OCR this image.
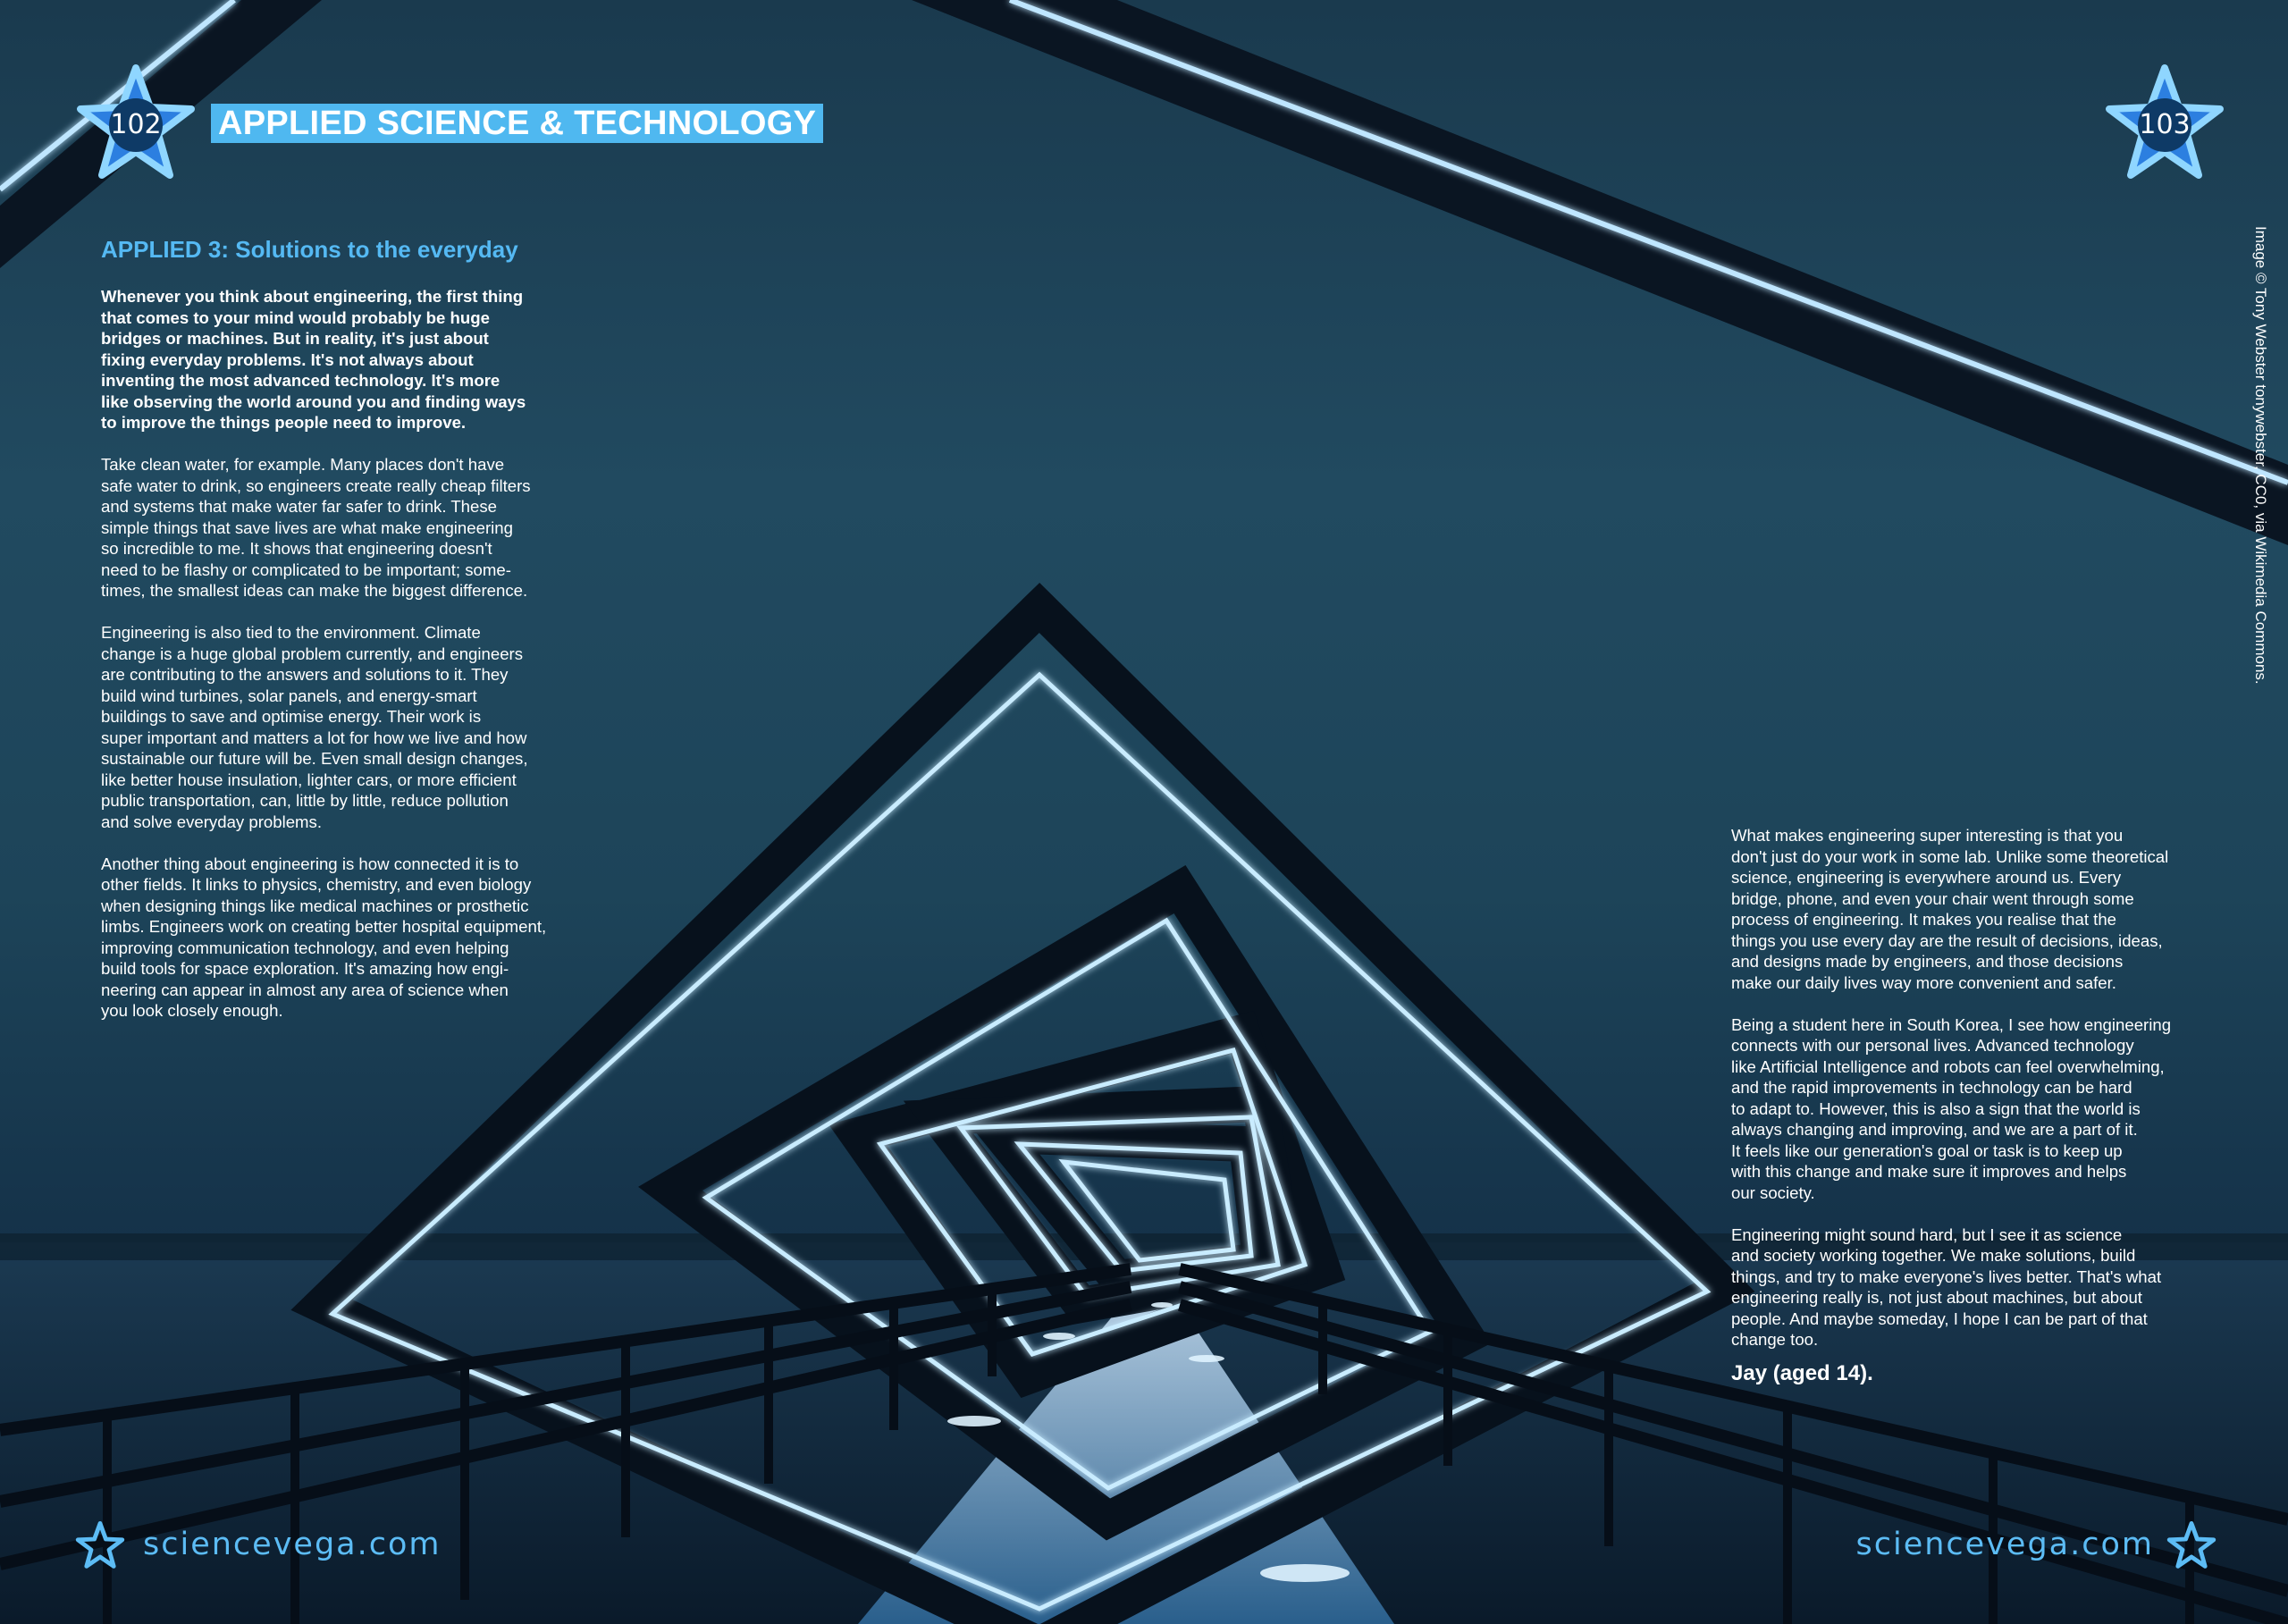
102	103
APPLIED SCIENCE & TECHNOLOGY
APPLIED 3: Solutions to the everyday

Whenever you think about engineering, the first thing
that comes to your mind would probably be huge
bridges or machines. But in reality, it's just about
fixing everyday problems. It's not always about
inventing the most advanced technology. It's more
like observing the world around you and finding ways
to improve the things people need to improve.

Take clean water, for example. Many places don't have
safe water to drink, so engineers create really cheap filters
and systems that make water far safer to drink. These
simple things that save lives are what make engineering
so incredible to me. It shows that engineering doesn't
need to be flashy or complicated to be important; some-
times, the smallest ideas can make the biggest difference.

Engineering is also tied to the environment. Climate
change is a huge global problem currently, and engineers
are contributing to the answers and solutions to it. They
build wind turbines, solar panels, and energy-smart
buildings to save and optimise energy. Their work is
super important and matters a lot for how we live and how
sustainable our future will be. Even small design changes,
like better house insulation, lighter cars, or more efficient
public transportation, can, little by little, reduce pollution
and solve everyday problems.

Another thing about engineering is how connected it is to
other fields. It links to physics, chemistry, and even biology
when designing things like medical machines or prosthetic
limbs. Engineers work on creating better hospital equipment,
improving communication technology, and even helping
build tools for space exploration. It's amazing how engi-
neering can appear in almost any area of science when
you look closely enough.

What makes engineering super interesting is that you
don't just do your work in some lab. Unlike some theoretical
science, engineering is everywhere around us. Every
bridge, phone, and even your chair went through some
process of engineering. It makes you realise that the
things you use every day are the result of decisions, ideas,
and designs made by engineers, and those decisions
make our daily lives way more convenient and safer.

Being a student here in South Korea, I see how engineering
connects with our personal lives. Advanced technology
like Artificial Intelligence and robots can feel overwhelming,
and the rapid improvements in technology can be hard
to adapt to. However, this is also a sign that the world is
always changing and improving, and we are a part of it.
It feels like our generation's goal or task is to keep up
with this change and make sure it improves and helps
our society.

Engineering might sound hard, but I see it as science
and society working together. We make solutions, build
things, and try to make everyone's lives better. That's what
engineering really is, not just about machines, but about
people. And maybe someday, I hope I can be part of that
change too.

Jay (aged 14).
Image © Tony Webster tonywebster, CC0, via Wikimedia Commons.
sciencevega.com	sciencevega.com
